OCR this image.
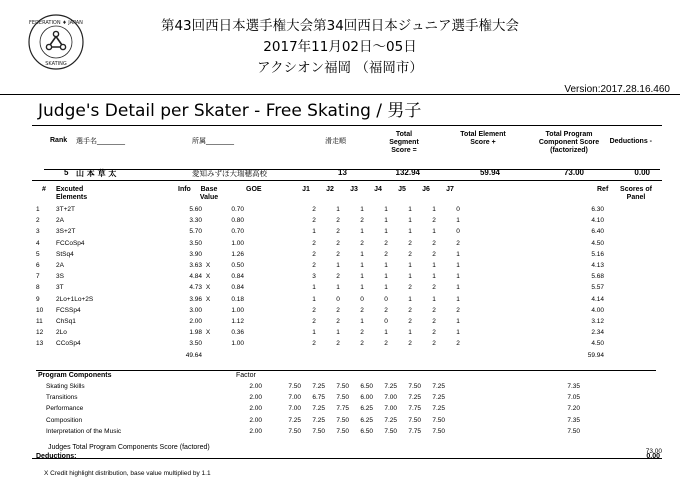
FEDERATION ♦ JAPAN
SKATING
第43回西日本選手権大会第34回西日本ジュニア選手権大会
2017年11月02日～05日
アクシオン福岡 （福岡市）
Version:2017.28.16.460
Judge's Detail per Skater - Free Skating / 男子
Rank 選手名________	所属________	滑走順
Total Segment Score =
Total Element Score +
Total Program Component Score (factorized)
Deductions -
5 山 本 草 太	愛知みずほ大瑞穂高校	13	132.94	59.94	73.00	0.00
# Excuted Elements
Info	Base Value
GOE	J1	J2	J3	J4	J5	J6	J7	Ref	Scores of Panel
1	3T+2T	5.60		0.70		2	1	1	1	1	1	0		6.30
2	2A	3.30		0.80		2	2	2	1	1	2	1		4.10
3	3S+2T	5.70		0.70		1	2	1	1	1	1	0		6.40
4	FCCoSp4	3.50		1.00		2	2	2	2	2	2	2		4.50
5	StSq4	3.90		1.26		2	2	1	2	2	2	1		5.16
6	2A	3.63	X	0.50		2	1	1	1	1	1	1		4.13
7	3S	4.84	X	0.84		3	2	1	1	1	1	1		5.68
8	3T	4.73	X	0.84		1	1	1	1	2	2	1		5.57
9	2Lo+1Lo+2S	3.96	X	0.18		1	0	0	0	1	1	1		4.14
10	FCSSp4	3.00		1.00		2	2	2	2	2	2	2		4.00
11	ChSq1	2.00		1.12		2	2	1	0	2	2	1		3.12
12	2Lo	1.98	X	0.36		1	1	2	1	1	2	1		2.34
13	CCoSp4	3.50		1.00		2	2	2	2	2	2	2		4.50
		49.64												59.94
Program Components	Factor
	Skating Skills	2.00	7.50	7.25	7.50	6.50	7.25	7.50	7.25		7.35
	Transitions	2.00	7.00	6.75	7.50	6.00	7.00	7.25	7.25		7.05
	Performance	2.00	7.00	7.25	7.75	6.25	7.00	7.75	7.25		7.20
	Composition	2.00	7.25	7.25	7.50	6.25	7.25	7.50	7.50		7.35
	Interpretation of the Music	2.00	7.50	7.50	7.50	6.50	7.50	7.75	7.50		7.50
Judges Total Program Components Score (factored)
73.00
Deductions:	0.00
X Credit highlight distribution, base value multiplied by 1.1
